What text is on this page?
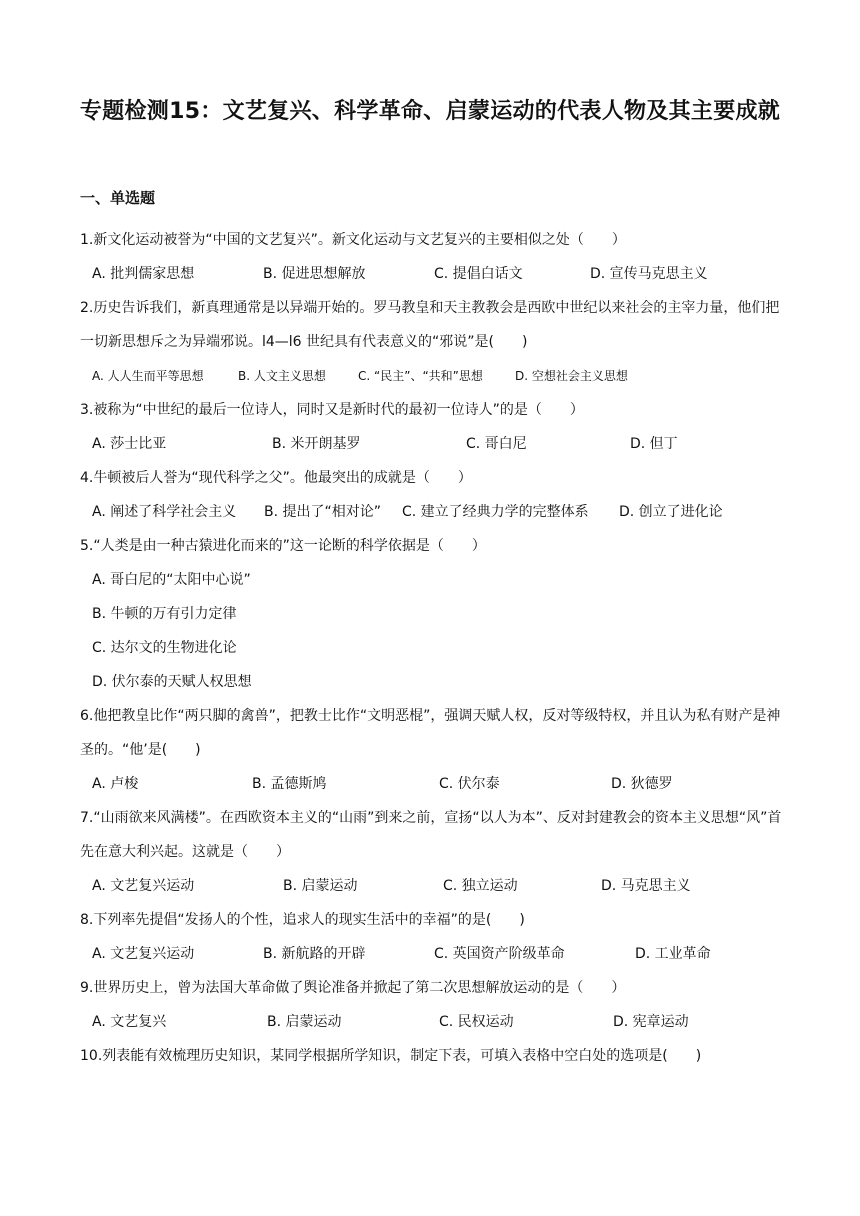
专题检测15：文艺复兴、科学革命、启蒙运动的代表人物及其主要成就
一、单选题
1.新文化运动被誉为“中国的文艺复兴”。新文化运动与文艺复兴的主要相似之处（　　）
A. 批判儒家思想	B. 促进思想解放	C. 提倡白话文	D. 宣传马克思主义
2.历史告诉我们，新真理通常是以异端开始的。罗马教皇和天主教教会是西欧中世纪以来社会的主宰力量，他们把一切新思想斥之为异端邪说。l4—l6 世纪具有代表意义的“邪说”是(　　)
A. 人人生而平等思想	B. 人文主义思想	C. “民主”、“共和”思想	D. 空想社会主义思想
3.被称为“中世纪的最后一位诗人，同时又是新时代的最初一位诗人”的是（　　）
A. 莎士比亚	B. 米开朗基罗	C. 哥白尼	D. 但丁
4.牛顿被后人誉为“现代科学之父”。他最突出的成就是（　　）
A. 阐述了科学社会主义 B. 提出了“相对论” C. 建立了经典力学的完整体系 D. 创立了进化论
5.“人类是由一种古猿进化而来的”这一论断的科学依据是（　　）
A. 哥白尼的“太阳中心说”
B. 牛顿的万有引力定律
C. 达尔文的生物进化论
D. 伏尔泰的天赋人权思想
6.他把教皇比作“两只脚的禽兽”，把教士比作“文明恶棍”，强调天赋人权，反对等级特权，并且认为私有财产是神圣的。“他’是(　　)
A. 卢梭	B. 孟德斯鸠	C. 伏尔泰	D. 狄德罗
7.“山雨欲来风满楼”。在西欧资本主义的“山雨”到来之前，宣扬“以人为本”、反对封建教会的资本主义思想“风”首先在意大利兴起。这就是（　　）
A. 文艺复兴运动	B. 启蒙运动	C. 独立运动	D. 马克思主义
8.下列率先提倡“发扬人的个性，追求人的现实生活中的幸福”的是(　　)
A. 文艺复兴运动	B. 新航路的开辟	C. 英国资产阶级革命	D. 工业革命
9.世界历史上，曾为法国大革命做了舆论准备并掀起了第二次思想解放运动的是（　　）
A. 文艺复兴	B. 启蒙运动	C. 民权运动	D. 宪章运动
10.列表能有效梳理历史知识，某同学根据所学知识，制定下表，可填入表格中空白处的选项是(　　)
